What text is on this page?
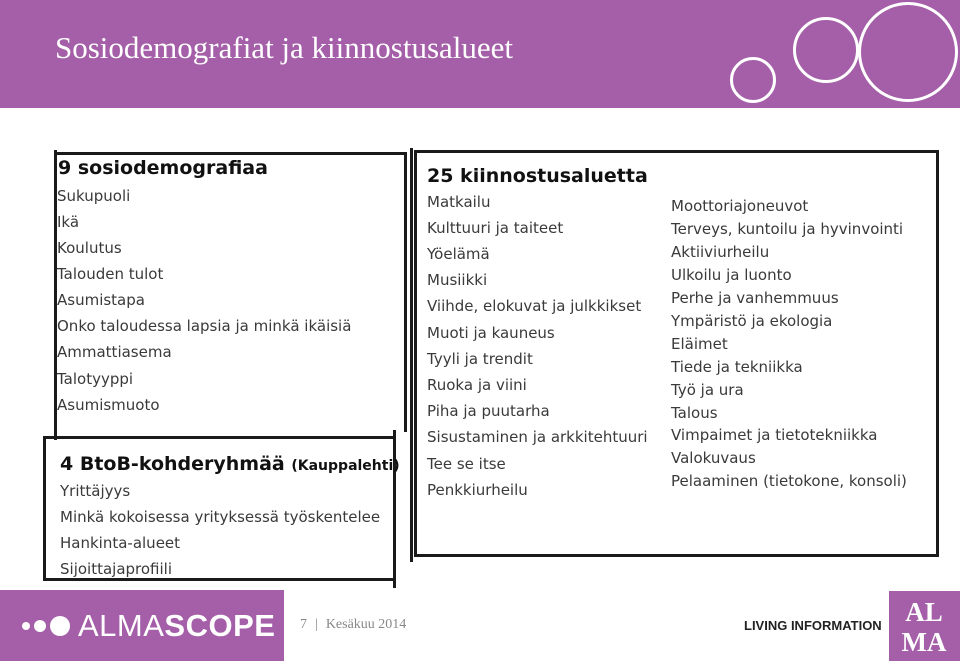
Sosiodemografiat ja kiinnostusalueet
9 sosiodemografiaa
Sukupuoli
Ikä
Koulutus
Talouden tulot
Asumistapa
Onko taloudessa lapsia ja minkä ikäisiä
Ammattiasema
Talotyyppi
Asumismuoto
4 BtoB-kohderyhmää (Kauppalehti)
Yrittäjyys
Minkä kokoisessa yrityksessä työskentelee
Hankinta-alueet
Sijoittajaprofiili
25 kiinnostusaluetta
Matkailu
Kulttuuri ja taiteet
Yöelämä
Musiikki
Viihde, elokuvat ja julkkikset
Muoti ja kauneus
Tyyli ja trendit
Ruoka ja viini
Piha ja puutarha
Sisustaminen ja arkkitehtuuri
Tee se itse
Penkkiurheilu
Moottoriajoneuvot
Terveys, kuntoilu ja hyvinvointi
Aktiiviurheilu
Ulkoilu ja luonto
Perhe ja vanhemmuus
Ympäristö ja ekologia
Eläimet
Tiede ja tekniikka
Työ ja ura
Talous
Vimpaimet ja tietotekniikka
Valokuvaus
Pelaaminen (tietokone, konsoli)
ALMASCOPE 7 | Kesäkuu 2014	LIVING INFORMATION AL
MA
